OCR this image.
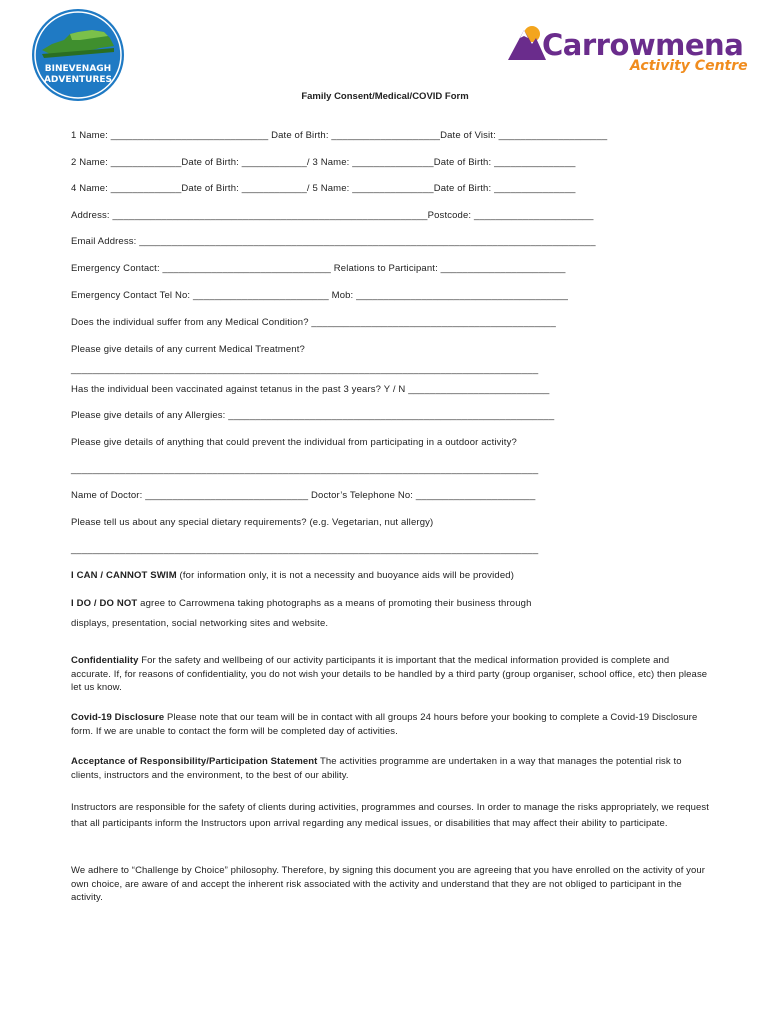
BINEVENAGH
ADVENTURES
Carrowmena
Activity Centre
Family Consent/Medical/COVID Form
1 Name: _____________________________ Date of Birth: ____________________Date of Visit: ____________________
2 Name: _____________Date of Birth: ____________/ 3 Name: _______________Date of Birth: _______________
4 Name: _____________Date of Birth: ____________/ 5 Name: _______________Date of Birth: _______________
Address: __________________________________________________________Postcode: ______________________
Email Address: ____________________________________________________________________________________
Emergency Contact: _______________________________ Relations to Participant: _______________________
Emergency Contact Tel No: _________________________ Mob: _______________________________________
Does the individual suffer from any Medical Condition? _____________________________________________
Please give details of any current Medical Treatment?
______________________________________________________________________________________
Has the individual been vaccinated against tetanus in the past 3 years? Y / N __________________________
Please give details of any Allergies: ____________________________________________________________
Please give details of anything that could prevent the individual from participating in a outdoor activity?
______________________________________________________________________________________
Name of Doctor: ______________________________ Doctor’s Telephone No: ______________________
Please tell us about any special dietary requirements? (e.g. Vegetarian, nut allergy)
______________________________________________________________________________________
I CAN / CANNOT SWIM (for information only, it is not a necessity and buoyance aids will be provided)
I DO / DO NOT agree to Carrowmena taking photographs as a means of promoting their business through
displays, presentation, social networking sites and website.
Confidentiality For the safety and wellbeing of our activity participants it is important that the medical information provided is complete and accurate. If, for reasons of confidentiality, you do not wish your details to be handled by a third party (group organiser, school office, etc) then please let us know.
Covid-19 Disclosure Please note that our team will be in contact with all groups 24 hours before your booking to complete a Covid-19 Disclosure form. If we are unable to contact the form will be completed day of activities.
Acceptance of Responsibility/Participation Statement The activities programme are undertaken in a way that manages the potential risk to clients, instructors and the environment, to the best of our ability.
Instructors are responsible for the safety of clients during activities, programmes and courses. In order to manage the risks appropriately, we request that all participants inform the Instructors upon arrival regarding any medical issues, or disabilities that may affect their ability to participate.
We adhere to “Challenge by Choice” philosophy. Therefore, by signing this document you are agreeing that you have enrolled on the activity of your own choice, are aware of and accept the inherent risk associated with the activity and understand that they are not obliged to participant in the activity.
